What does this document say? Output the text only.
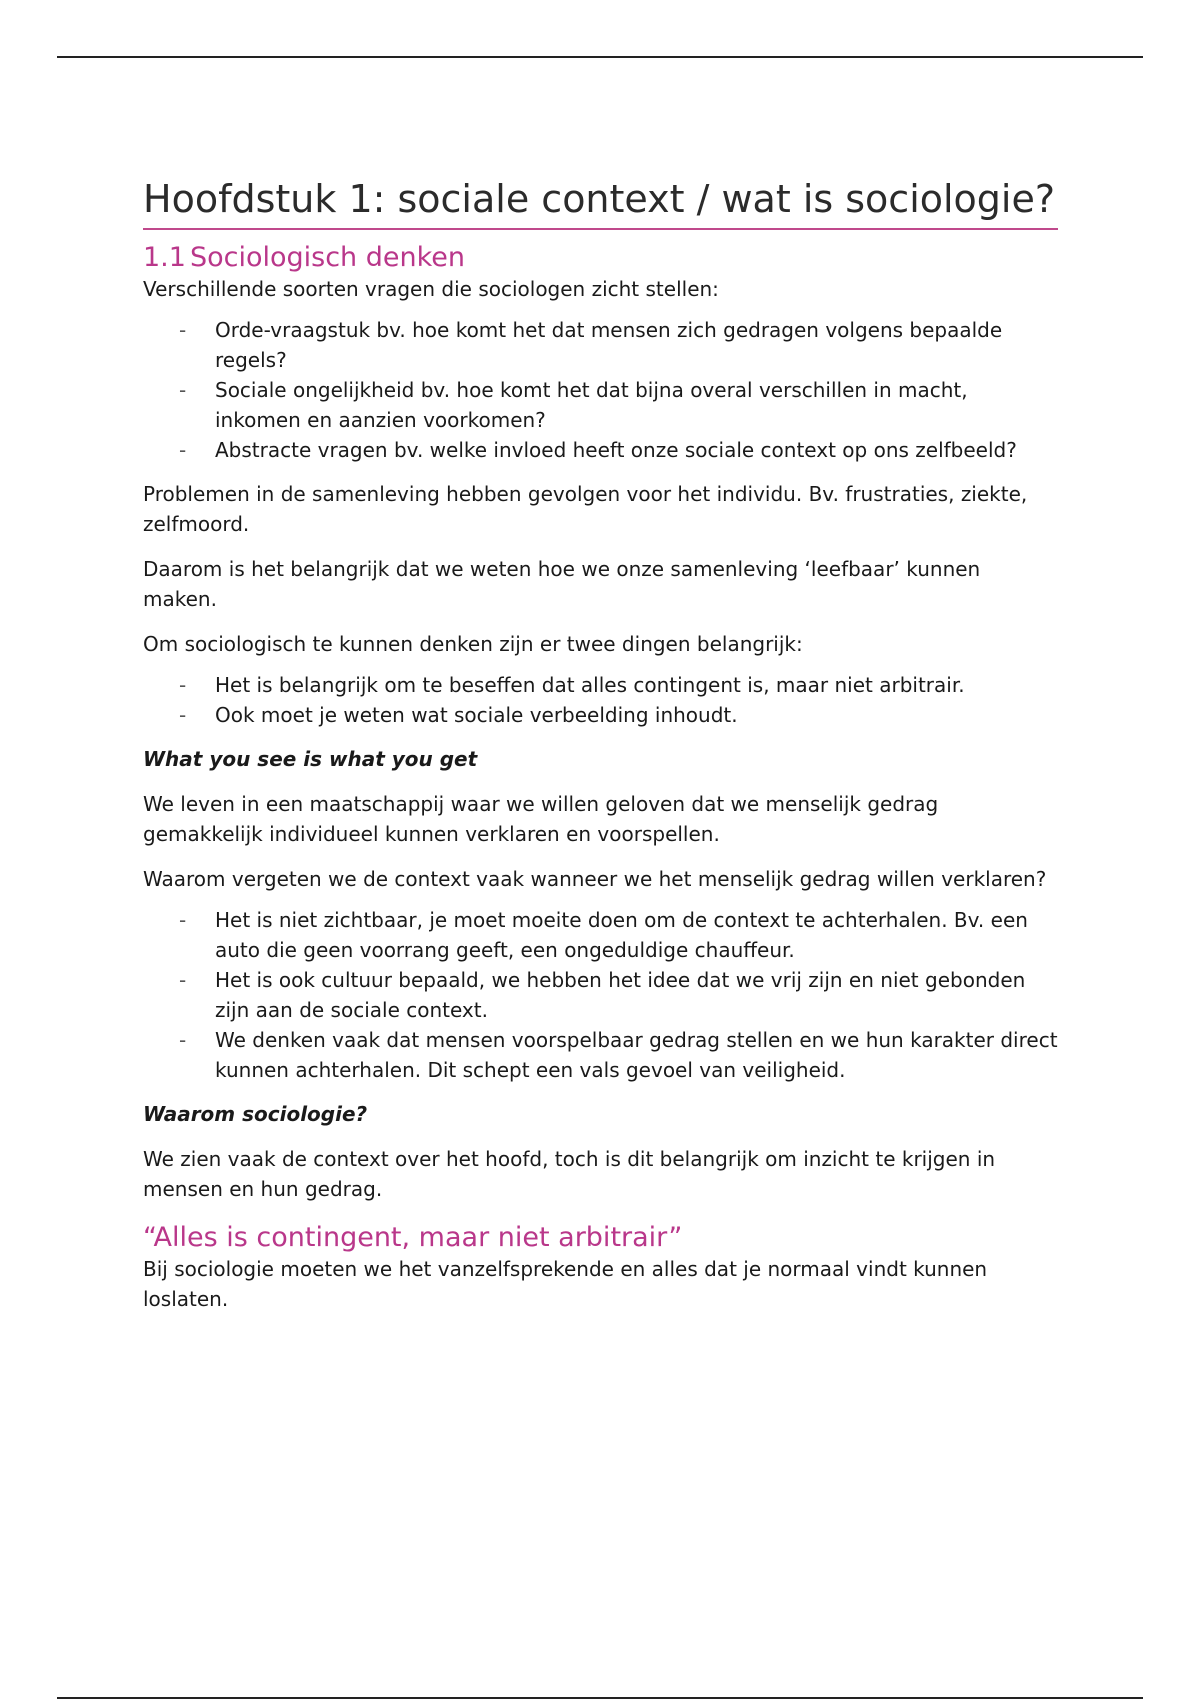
Hoofdstuk 1: sociale context / wat is sociologie?
1.1 Sociologisch denken

Verschillende soorten vragen die sociologen zicht stellen:

- Orde-vraagstuk bv. hoe komt het dat mensen zich gedragen volgens bepaalde regels?
- Sociale ongelijkheid bv. hoe komt het dat bijna overal verschillen in macht, inkomen en aanzien voorkomen?
- Abstracte vragen bv. welke invloed heeft onze sociale context op ons zelfbeeld?

Problemen in de samenleving hebben gevolgen voor het individu. Bv. frustraties, ziekte, zelfmoord.

Daarom is het belangrijk dat we weten hoe we onze samenleving ‘leefbaar’ kunnen maken.

Om sociologisch te kunnen denken zijn er twee dingen belangrijk:

- Het is belangrijk om te beseffen dat alles contingent is, maar niet arbitrair.
- Ook moet je weten wat sociale verbeelding inhoudt.
What you see is what you get

We leven in een maatschappij waar we willen geloven dat we menselijk gedrag gemakkelijk individueel kunnen verklaren en voorspellen.

Waarom vergeten we de context vaak wanneer we het menselijk gedrag willen verklaren?

- Het is niet zichtbaar, je moet moeite doen om de context te achterhalen. Bv. een auto die geen voorrang geeft, een ongeduldige chauffeur.
- Het is ook cultuur bepaald, we hebben het idee dat we vrij zijn en niet gebonden zijn aan de sociale context.
- We denken vaak dat mensen voorspelbaar gedrag stellen en we hun karakter direct kunnen achterhalen. Dit schept een vals gevoel van veiligheid.
Waarom sociologie?

We zien vaak de context over het hoofd, toch is dit belangrijk om inzicht te krijgen in mensen en hun gedrag.

“Alles is contingent, maar niet arbitrair”

Bij sociologie moeten we het vanzelfsprekende en alles dat je normaal vindt kunnen loslaten.
